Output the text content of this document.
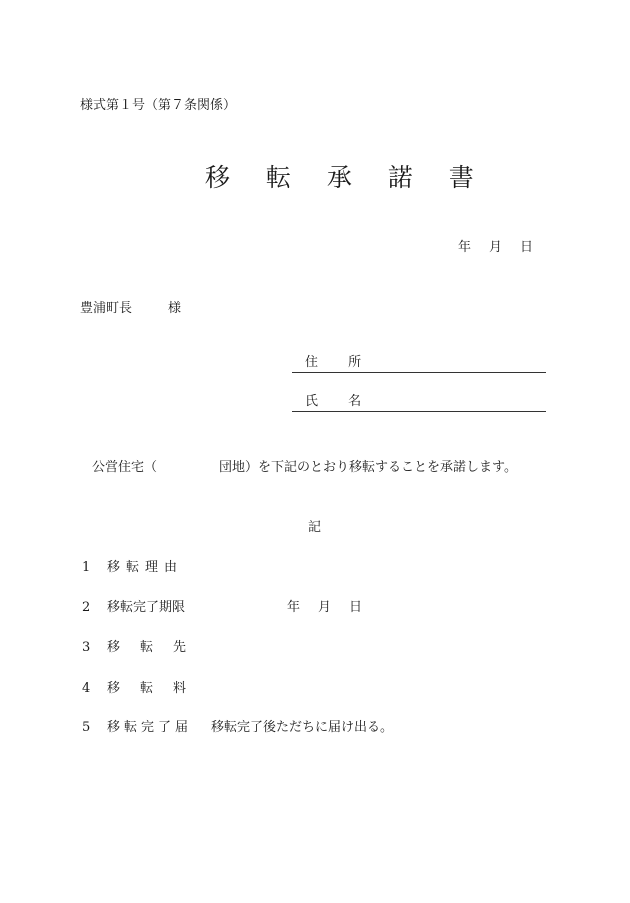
様式第１号（第７条関係）
移 転 承 諾 書
年 月 日
豊浦町長	様
住 所
氏 名
公営住宅（	団地）を下記のとおり移転することを承諾します。
記
1 移転理由
2 移転完了期限	年 月 日
3 移転先
4 移転料
5 移転完了届 移転完了後ただちに届け出る。
